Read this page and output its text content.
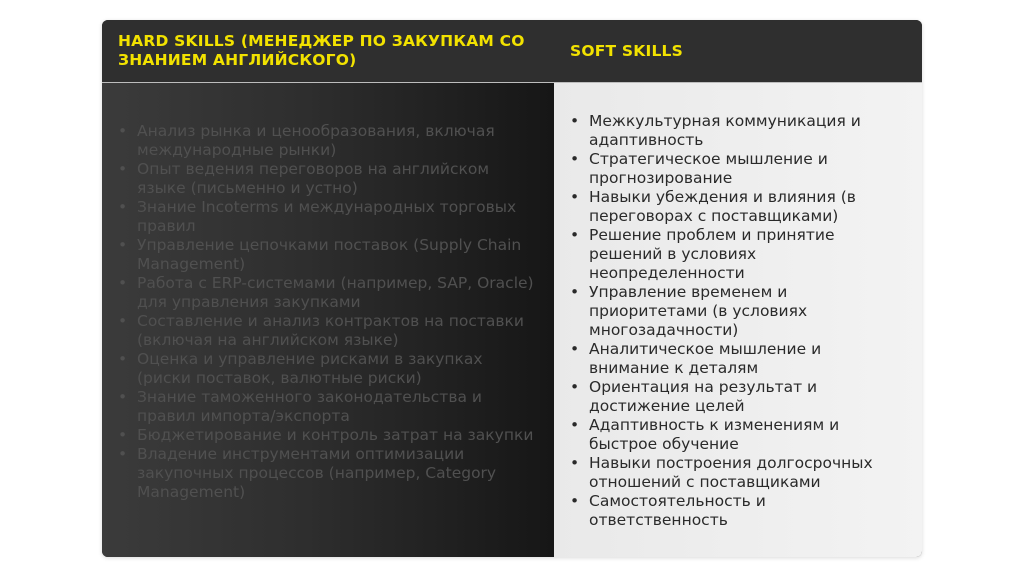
HARD SKILLS (МЕНЕДЖЕР ПО ЗАКУПКАМ СО ЗНАНИЕМ АНГЛИЙСКОГО)
SOFT SKILLS
• Анализ рынка и ценообразования, включая международные рынки)
• Опыт ведения переговоров на английском языке (письменно и устно)
• Знание Incoterms и международных торговых правил
• Управление цепочками поставок (Supply Chain Management)
• Работа с ERP-системами (например, SAP, Oracle) для управления закупками
• Составление и анализ контрактов на поставки (включая на английском языке)
• Оценка и управление рисками в закупках (риски поставок, валютные риски)
• Знание таможенного законодательства и правил импорта/экспорта
• Бюджетирование и контроль затрат на закупки
• Владение инструментами оптимизации закупочных процессов (например, Category Management)
• Межкультурная коммуникация и адаптивность
• Стратегическое мышление и прогнозирование
• Навыки убеждения и влияния (в переговорах с поставщиками)
• Решение проблем и принятие решений в условиях неопределенности
• Управление временем и приоритетами (в условиях многозадачности)
• Аналитическое мышление и внимание к деталям
• Ориентация на результат и достижение целей
• Адаптивность к изменениям и быстрое обучение
• Навыки построения долгосрочных отношений с поставщиками
• Самостоятельность и ответственность
